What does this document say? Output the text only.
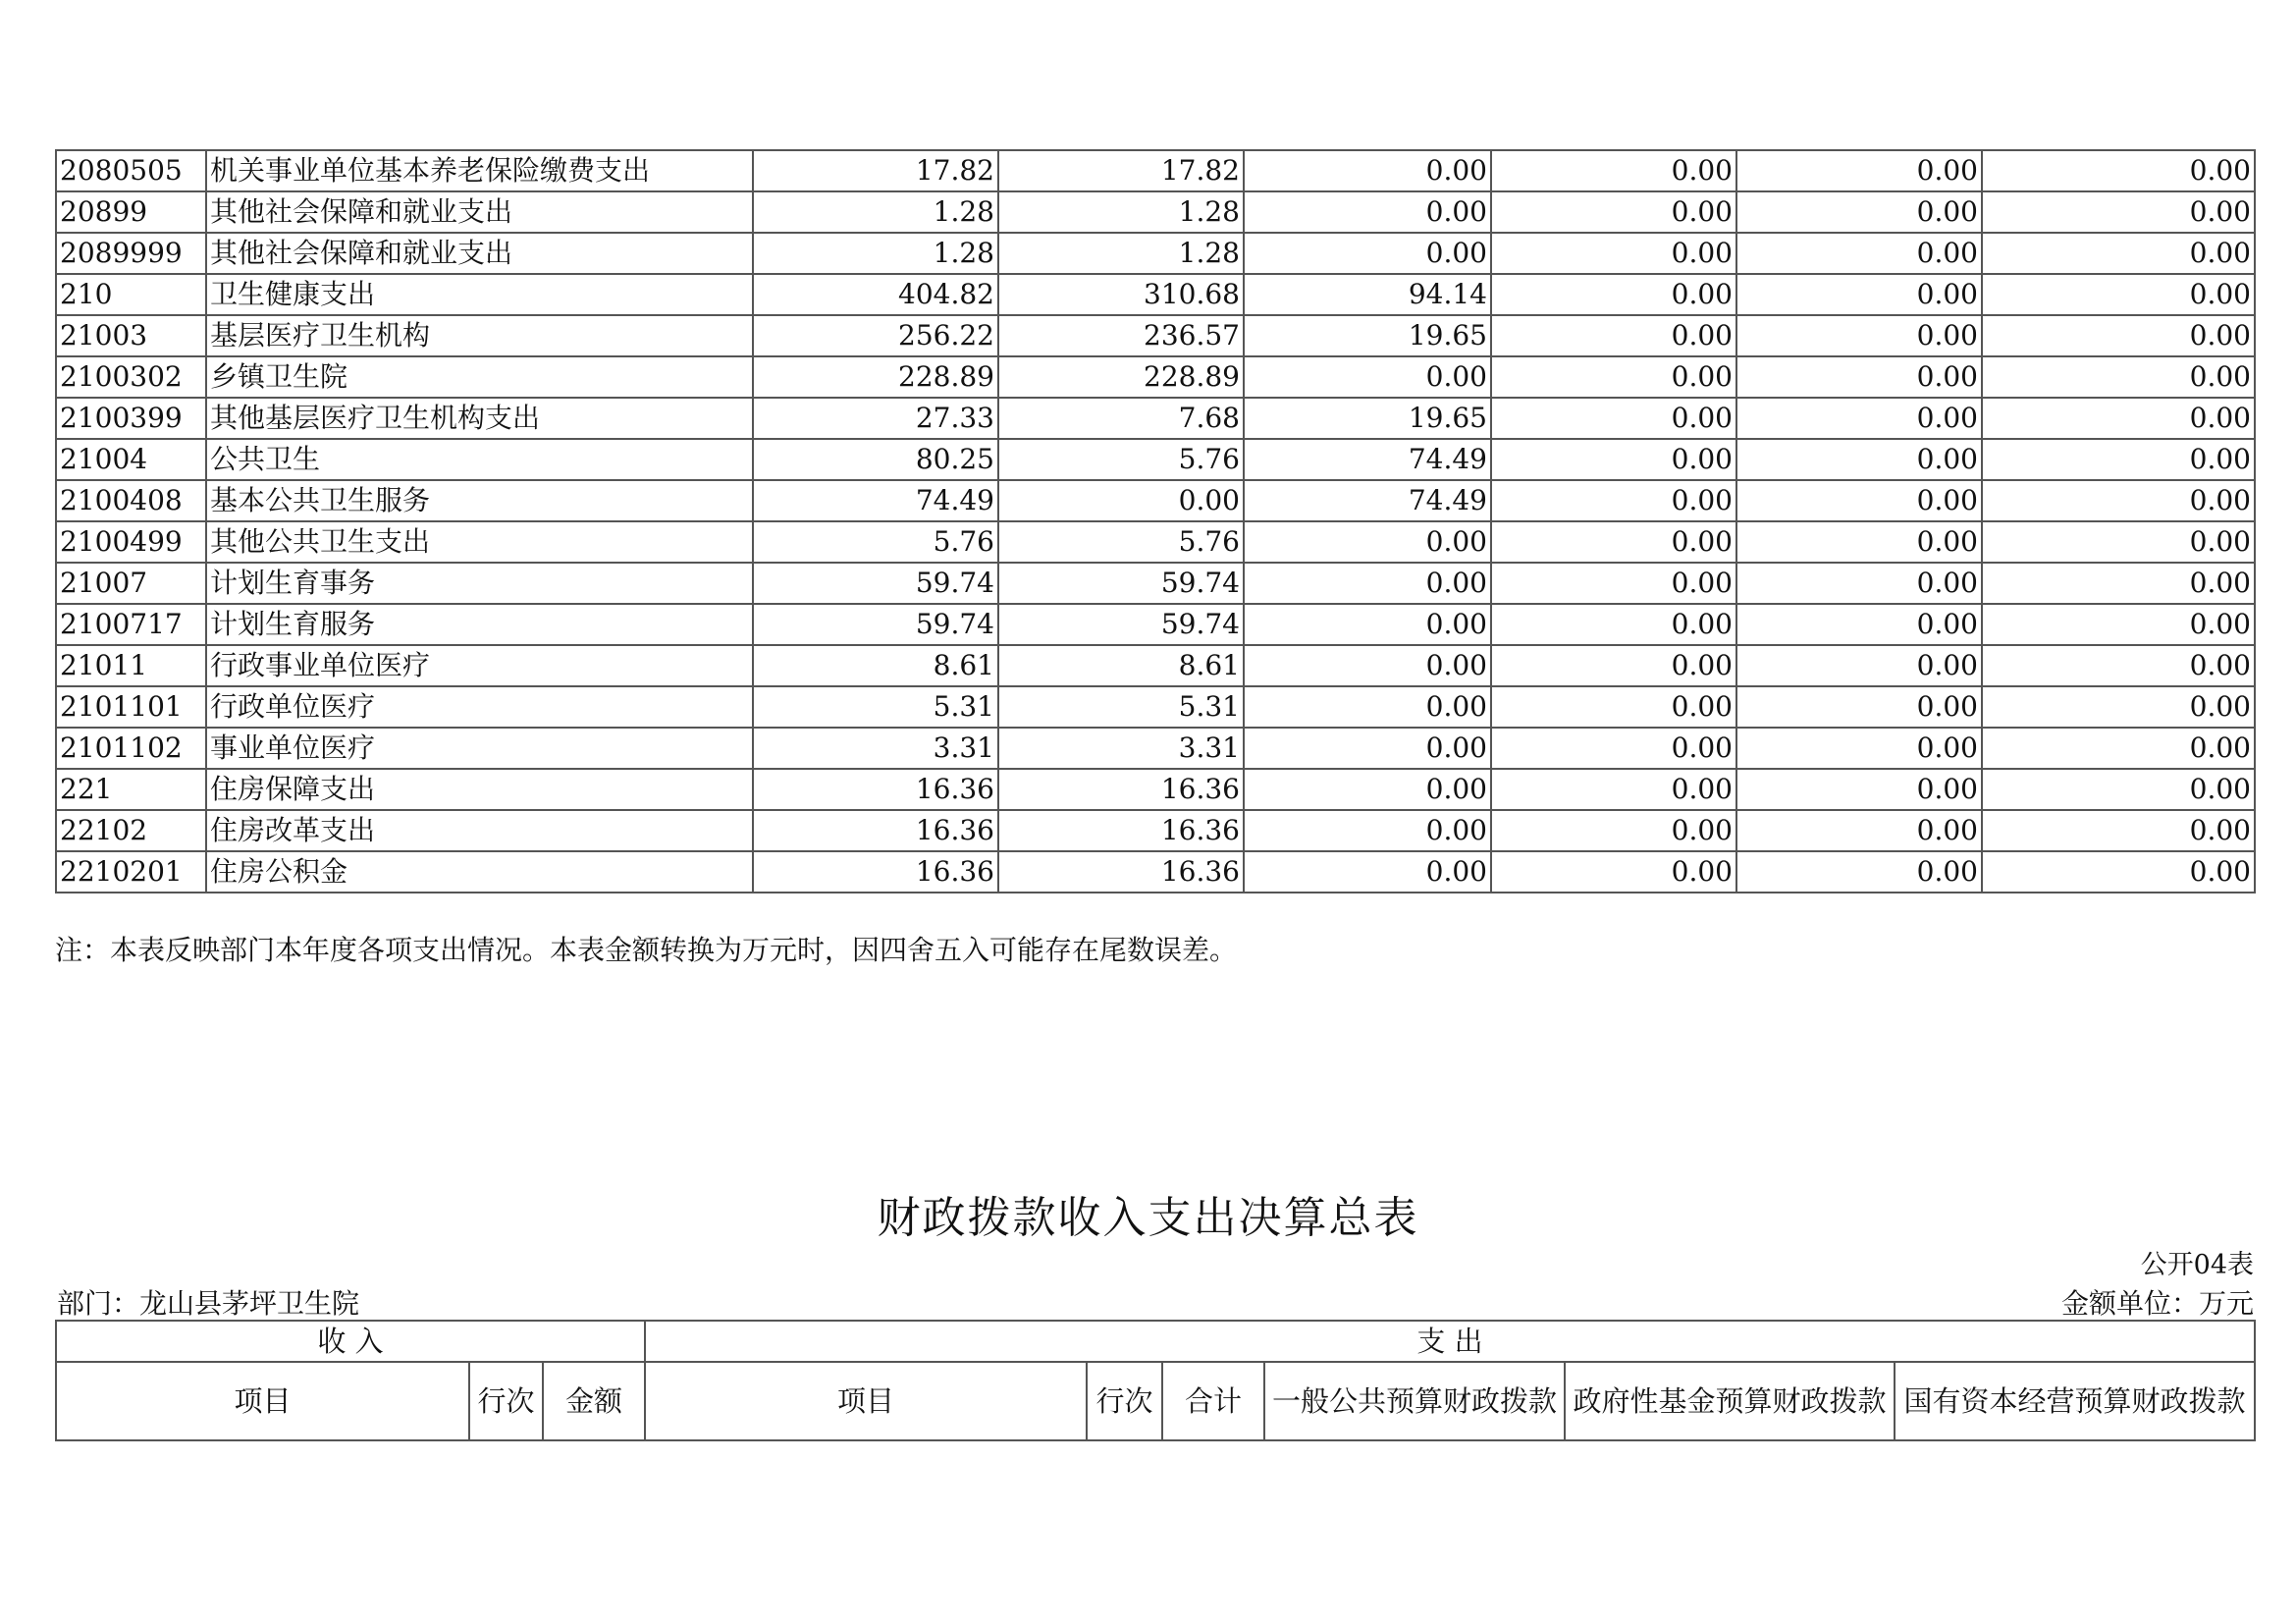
2080505	机关事业单位基本养老保险缴费支出	17.82	17.82	0.00	0.00	0.00	0.00
20899	其他社会保障和就业支出	1.28	1.28	0.00	0.00	0.00	0.00
2089999	其他社会保障和就业支出	1.28	1.28	0.00	0.00	0.00	0.00
210	卫生健康支出	404.82	310.68	94.14	0.00	0.00	0.00
21003	基层医疗卫生机构	256.22	236.57	19.65	0.00	0.00	0.00
2100302	乡镇卫生院	228.89	228.89	0.00	0.00	0.00	0.00
2100399	其他基层医疗卫生机构支出	27.33	7.68	19.65	0.00	0.00	0.00
21004	公共卫生	80.25	5.76	74.49	0.00	0.00	0.00
2100408	基本公共卫生服务	74.49	0.00	74.49	0.00	0.00	0.00
2100499	其他公共卫生支出	5.76	5.76	0.00	0.00	0.00	0.00
21007	计划生育事务	59.74	59.74	0.00	0.00	0.00	0.00
2100717	计划生育服务	59.74	59.74	0.00	0.00	0.00	0.00
21011	行政事业单位医疗	8.61	8.61	0.00	0.00	0.00	0.00
2101101	行政单位医疗	5.31	5.31	0.00	0.00	0.00	0.00
2101102	事业单位医疗	3.31	3.31	0.00	0.00	0.00	0.00
221	住房保障支出	16.36	16.36	0.00	0.00	0.00	0.00
22102	住房改革支出	16.36	16.36	0.00	0.00	0.00	0.00
2210201	住房公积金	16.36	16.36	0.00	0.00	0.00	0.00
注：本表反映部门本年度各项支出情况。本表金额转换为万元时，因四舍五入可能存在尾数误差。
财政拨款收入支出决算总表
公开04表
部门：龙山县茅坪卫生院	金额单位：万元
收 入			支 出					
项目	行次	金额	项目	行次	合计	一般公共预算财政拨款	政府性基金预算财政拨款	国有资本经营预算财政拨款
